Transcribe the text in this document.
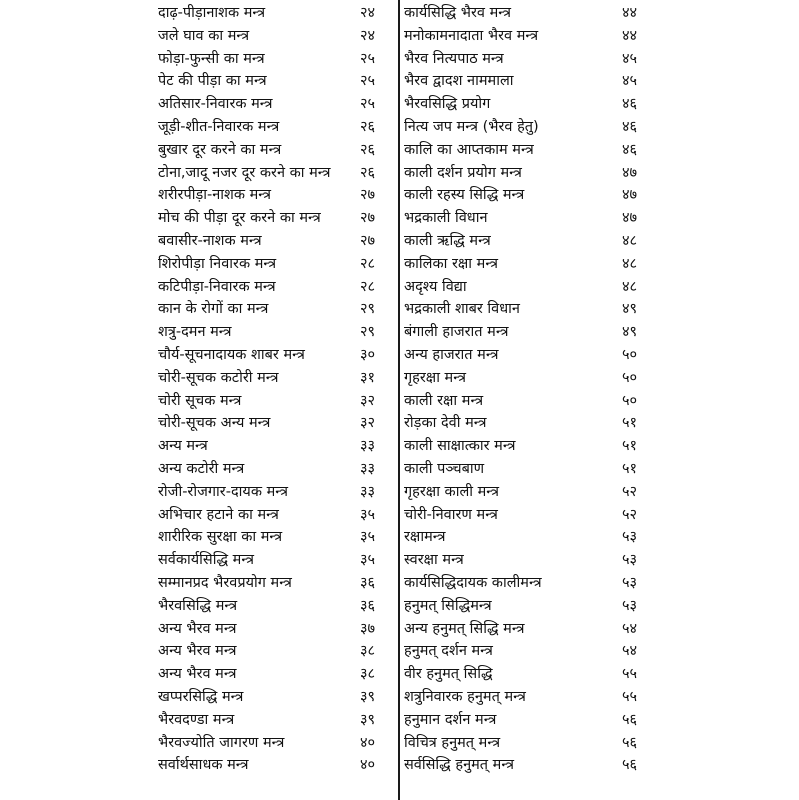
दाढ़-पीड़ानाशक मन्त्र	२४
जले घाव का मन्त्र	२४
फोड़ा-फुन्सी का मन्त्र	२५
पेट की पीड़ा का मन्त्र	२५
अतिसार-निवारक मन्त्र	२५
जूड़ी-शीत-निवारक मन्त्र	२६
बुखार दूर करने का मन्त्र	२६
टोना,जादू नजर दूर करने का मन्त्र	२६
शरीरपीड़ा-नाशक मन्त्र	२७
मोच की पीड़ा दूर करने का मन्त्र	२७
बवासीर-नाशक मन्त्र	२७
शिरोपीड़ा निवारक मन्त्र	२८
कटिपीड़ा-निवारक मन्त्र	२८
कान के रोगों का मन्त्र	२९
शत्रु-दमन मन्त्र	२९
चौर्य-सूचनादायक शाबर मन्त्र	३०
चोरी-सूचक कटोरी मन्त्र	३१
चोरी सूचक मन्त्र	३२
चोरी-सूचक अन्य मन्त्र	३२
अन्य मन्त्र	३३
अन्य कटोरी मन्त्र	३३
रोजी-रोजगार-दायक मन्त्र	३३
अभिचार हटाने का मन्त्र	३५
शारीरिक सुरक्षा का मन्त्र	३५
सर्वकार्यसिद्धि मन्त्र	३५
सम्मानप्रद भैरवप्रयोग मन्त्र	३६
भैरवसिद्धि मन्त्र	३६
अन्य भैरव मन्त्र	३७
अन्य भैरव मन्त्र	३८
अन्य भैरव मन्त्र	३८
खप्परसिद्धि मन्त्र	३९
भैरवदण्डा मन्त्र	३९
भैरवज्योति जागरण मन्त्र	४०
सर्वार्थसाधक मन्त्र	४०
कार्यसिद्धि भैरव मन्त्र	४४
मनोकामनादाता भैरव मन्त्र	४४
भैरव नित्यपाठ मन्त्र	४५
भैरव द्वादश नाममाला	४५
भैरवसिद्धि प्रयोग	४६
नित्य जप मन्त्र (भैरव हेतु)	४६
कालि का आप्तकाम मन्त्र	४६
काली दर्शन प्रयोग मन्त्र	४७
काली रहस्य सिद्धि मन्त्र	४७
भद्रकाली विधान	४७
काली ऋद्धि मन्त्र	४८
कालिका रक्षा मन्त्र	४८
अदृश्य विद्या	४८
भद्रकाली शाबर विधान	४९
बंगाली हाजरात मन्त्र	४९
अन्य हाजरात मन्त्र	५०
गृहरक्षा मन्त्र	५०
काली रक्षा मन्त्र	५०
रोड़का देवी मन्त्र	५१
काली साक्षात्कार मन्त्र	५१
काली पञ्चबाण	५१
गृहरक्षा काली मन्त्र	५२
चोरी-निवारण मन्त्र	५२
रक्षामन्त्र	५३
स्वरक्षा मन्त्र	५३
कार्यसिद्धिदायक कालीमन्त्र	५३
हनुमत् सिद्धिमन्त्र	५३
अन्य हनुमत् सिद्धि मन्त्र	५४
हनुमत् दर्शन मन्त्र	५४
वीर हनुमत् सिद्धि	५५
शत्रुनिवारक हनुमत् मन्त्र	५५
हनुमान दर्शन मन्त्र	५६
विचित्र हनुमत् मन्त्र	५६
सर्वसिद्धि हनुमत् मन्त्र	५६
